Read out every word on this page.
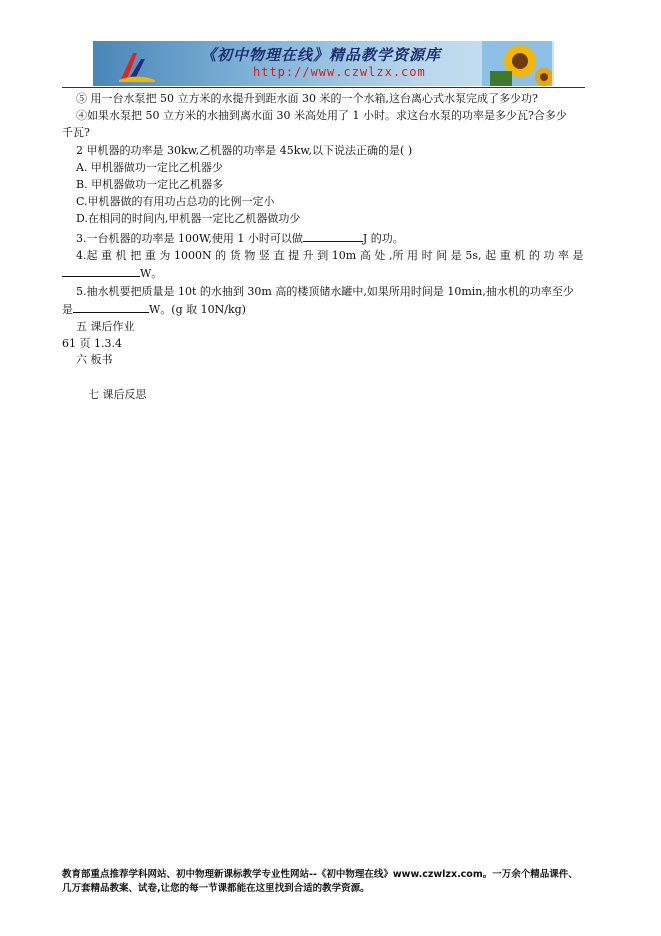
《初中物理在线》精品教学资源库
http://www.czwlzx.com
⑤ 用一台水泵把 50 立方米的水提升到距水面 30 米的一个水箱,这台离心式水泵完成了多少功?
④如果水泵把 50 立方米的水抽到离水面 30 米高处用了 1 小时。求这台水泵的功率是多少瓦?合多少
千瓦?
2 甲机器的功率是 30kw,乙机器的功率是 45kw,以下说法正确的是( )
A. 甲机器做功一定比乙机器少
B. 甲机器做功一定比乙机器多
C.甲机器做的有用功占总功的比例一定小
D.在相同的时间内,甲机器一定比乙机器做功少
3.一台机器的功率是 100W,使用 1 小时可以做	J 的功。
4.起 重 机 把 重 为 1000N 的 货 物 竖 直 提 升 到 10m 高 处 ,所 用 时 间 是 5s, 起 重 机 的 功 率 是
W。
5.抽水机要把质量是 10t 的水抽到 30m 高的楼顶储水罐中,如果所用时间是 10min,抽水机的功率至少
是	W。(g 取 10N/kg)
五 课后作业
61 页 1.3.4
六 板书
七 课后反思
教育部重点推荐学科网站、初中物理新课标教学专业性网站--《初中物理在线》www.czwlzx.com。一万余个精品课件、
几万套精品教案、试卷,让您的每一节课都能在这里找到合适的教学资源。
